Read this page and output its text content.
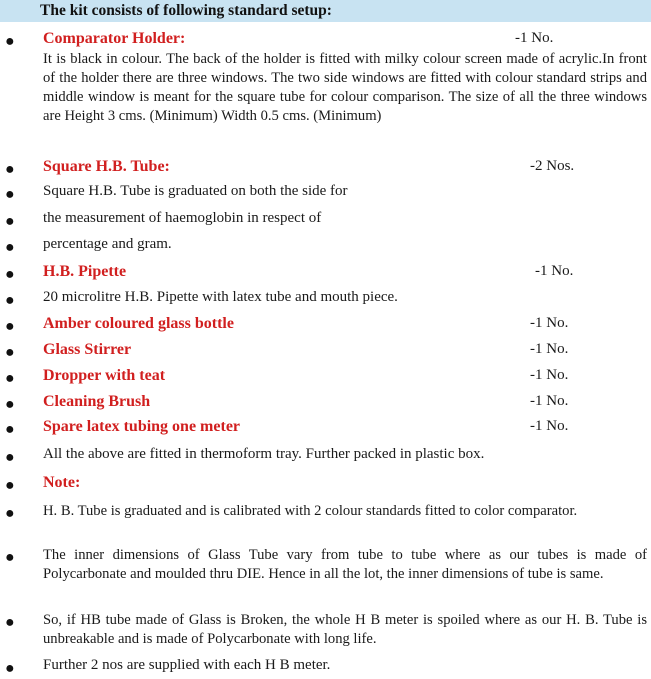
The kit consists of following standard setup:
● Comparator Holder:	-1 No.
It is black in colour. The back of the holder is fitted with milky colour screen made of acrylic.In front of the holder there are three windows. The two side windows are fitted with colour standard strips and middle window is meant for the square tube for colour comparison. The size of all the three windows are Height 3 cms. (Minimum) Width 0.5 cms. (Minimum)
● Square H.B. Tube:	-2 Nos.
● Square H.B. Tube is graduated on both the side for
● the measurement of haemoglobin in respect of
● percentage and gram.
● H.B. Pipette	-1 No.
● 20 microlitre H.B. Pipette with latex tube and mouth piece.
● Amber coloured glass bottle	-1 No.
● Glass Stirrer	-1 No.
● Dropper with teat	-1 No.
● Cleaning Brush	-1 No.
● Spare latex tubing one meter	-1 No.
● All the above are fitted in thermoform tray. Further packed in plastic box.
● Note:
● H. B. Tube is graduated and is calibrated with 2 colour standards fitted to color comparator.
● The inner dimensions of Glass Tube vary from tube to tube where as our tubes is made of Polycarbonate and moulded thru DIE. Hence in all the lot, the inner dimensions of tube is same.
● So, if HB tube made of Glass is Broken, the whole H B meter is spoiled where as our H. B. Tube is unbreakable and is made of Polycarbonate with long life.
● Further 2 nos are supplied with each H B meter.
